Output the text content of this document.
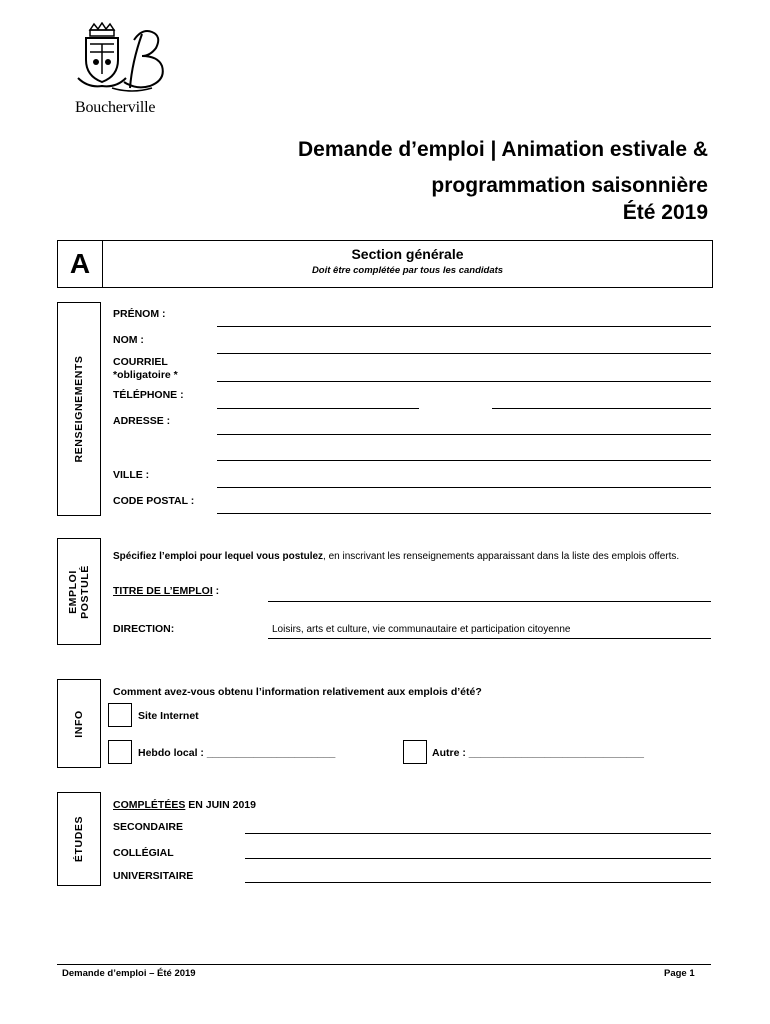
Boucherville
Demande d’emploi | Animation estivale &
programmation saisonnière
Été 2019
A	Section générale
Doit être complétée par tous les candidats
RENSEIGNEMENTS
PRÉNOM :
NOM :
COURRIEL
*obligatoire *
TÉLÉPHONE :
ADRESSE :
VILLE :
CODE POSTAL :
EMPLOI POSTULÉ
Spécifiez l’emploi pour lequel vous postulez, en inscrivant les renseignements apparaissant dans la liste des emplois offerts.
TITRE DE L’EMPLOI :
DIRECTION:	Loisirs, arts et culture, vie communautaire et participation citoyenne
INFO
Comment avez-vous obtenu l’information relativement aux emplois d’été?
Site Internet
Hebdo local : ______________________	Autre : ______________________________
ÉTUDES
COMPLÉTÉES EN JUIN 2019
SECONDAIRE
COLLÉGIAL
UNIVERSITAIRE
Demande d’emploi – Été 2019	Page 1
